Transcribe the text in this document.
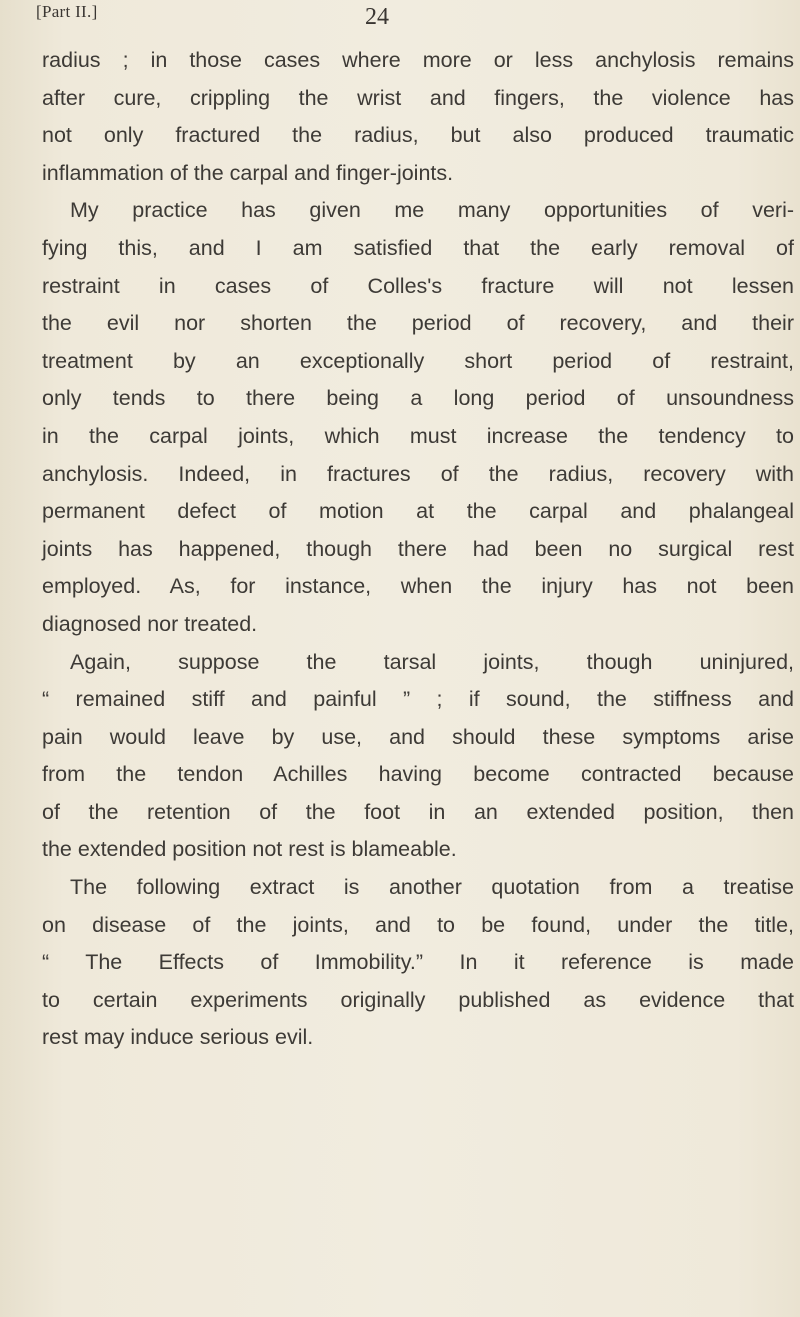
[Part II.]	24
radius ; in those cases where more or less anchylosis remains
after cure, crippling the wrist and fingers, the violence has
not only fractured the radius, but also produced traumatic
inflammation of the carpal and finger-joints.
My practice has given me many opportunities of veri-
fying this, and I am satisfied that the early removal of
restraint in cases of Colles's fracture will not lessen
the evil nor shorten the period of recovery, and their
treatment by an exceptionally short period of restraint,
only tends to there being a long period of unsoundness
in the carpal joints, which must increase the tendency to
anchylosis. Indeed, in fractures of the radius, recovery with
permanent defect of motion at the carpal and phalangeal
joints has happened, though there had been no surgical rest
employed. As, for instance, when the injury has not been
diagnosed nor treated.
Again, suppose the tarsal joints, though uninjured,
“ remained stiff and painful ” ; if sound, the stiffness and
pain would leave by use, and should these symptoms arise
from the tendon Achilles having become contracted because
of the retention of the foot in an extended position, then
the extended position not rest is blameable.
The following extract is another quotation from a treatise
on disease of the joints, and to be found, under the title,
“ The Effects of Immobility.” In it reference is made
to certain experiments originally published as evidence that
rest may induce serious evil.
